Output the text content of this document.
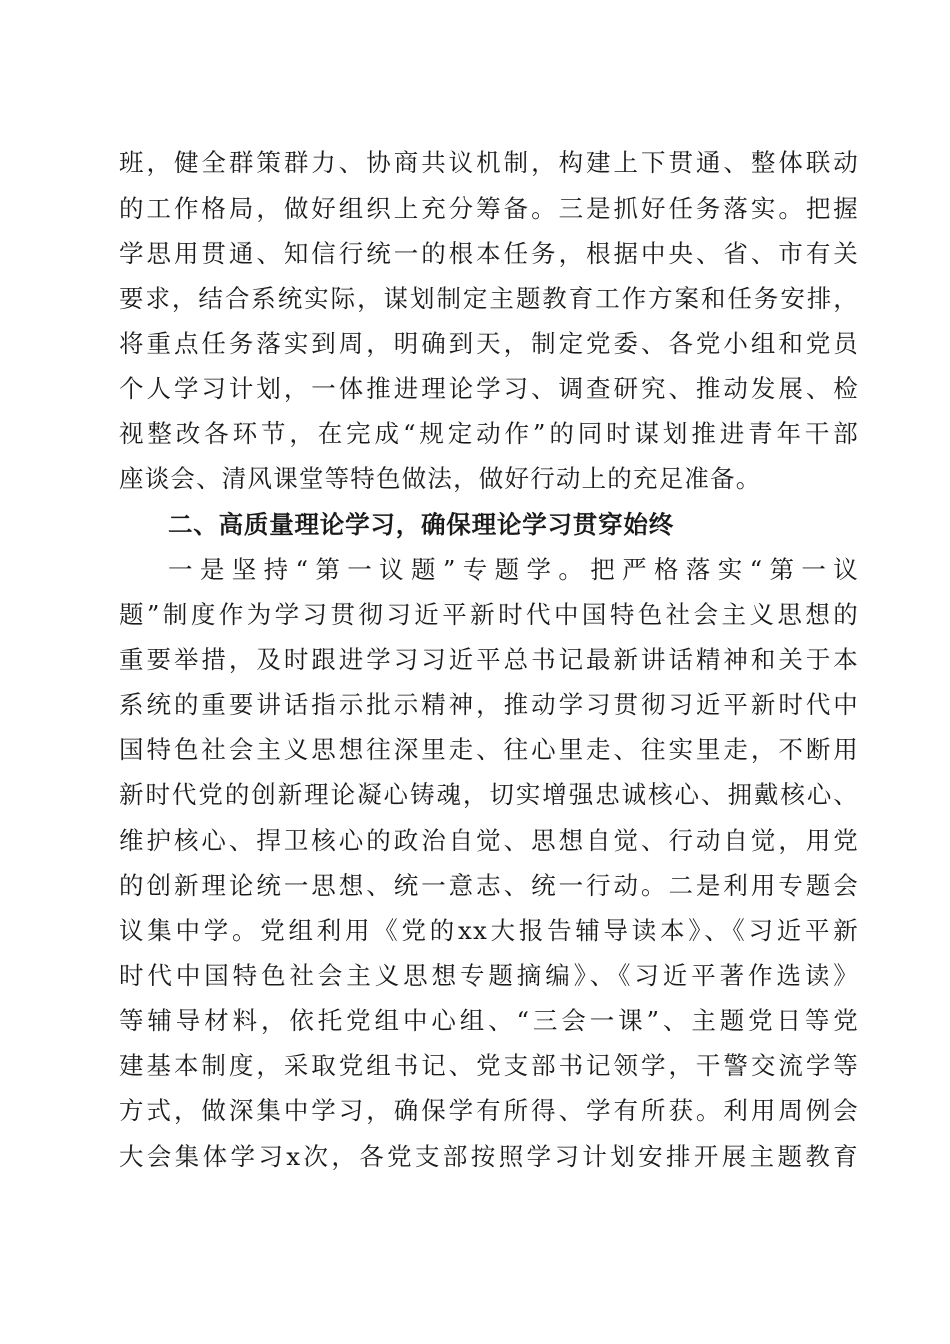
班，健全群策群力、协商共议机制，构建上下贯通、整体联动
的工作格局，做好组织上充分筹备。三是抓好任务落实。把握
学思用贯通、知信行统一的根本任务，根据中央、省、市有关
要求，结合系统实际，谋划制定主题教育工作方案和任务安排，
将重点任务落实到周，明确到天，制定党委、各党小组和党员
个人学习计划，一体推进理论学习、调查研究、推动发展、检
视整改各环节，在完成“规定动作”的同时谋划推进青年干部
座谈会、清风课堂等特色做法，做好行动上的充足准备。
二、高质量理论学习，确保理论学习贯穿始终
一是坚持“第一议题”专题学。把严格落实“第一议
题”制度作为学习贯彻习近平新时代中国特色社会主义思想的
重要举措，及时跟进学习习近平总书记最新讲话精神和关于本
系统的重要讲话指示批示精神，推动学习贯彻习近平新时代中
国特色社会主义思想往深里走、往心里走、往实里走，不断用
新时代党的创新理论凝心铸魂，切实增强忠诚核心、拥戴核心、
维护核心、捍卫核心的政治自觉、思想自觉、行动自觉，用党
的创新理论统一思想、统一意志、统一行动。二是利用专题会
议集中学。党组利用《党的xx大报告辅导读本》、《习近平新
时代中国特色社会主义思想专题摘编》、《习近平著作选读》
等辅导材料，依托党组中心组、“三会一课”、主题党日等党
建基本制度，采取党组书记、党支部书记领学，干警交流学等
方式，做深集中学习，确保学有所得、学有所获。利用周例会
大会集体学习x次，各党支部按照学习计划安排开展主题教育
